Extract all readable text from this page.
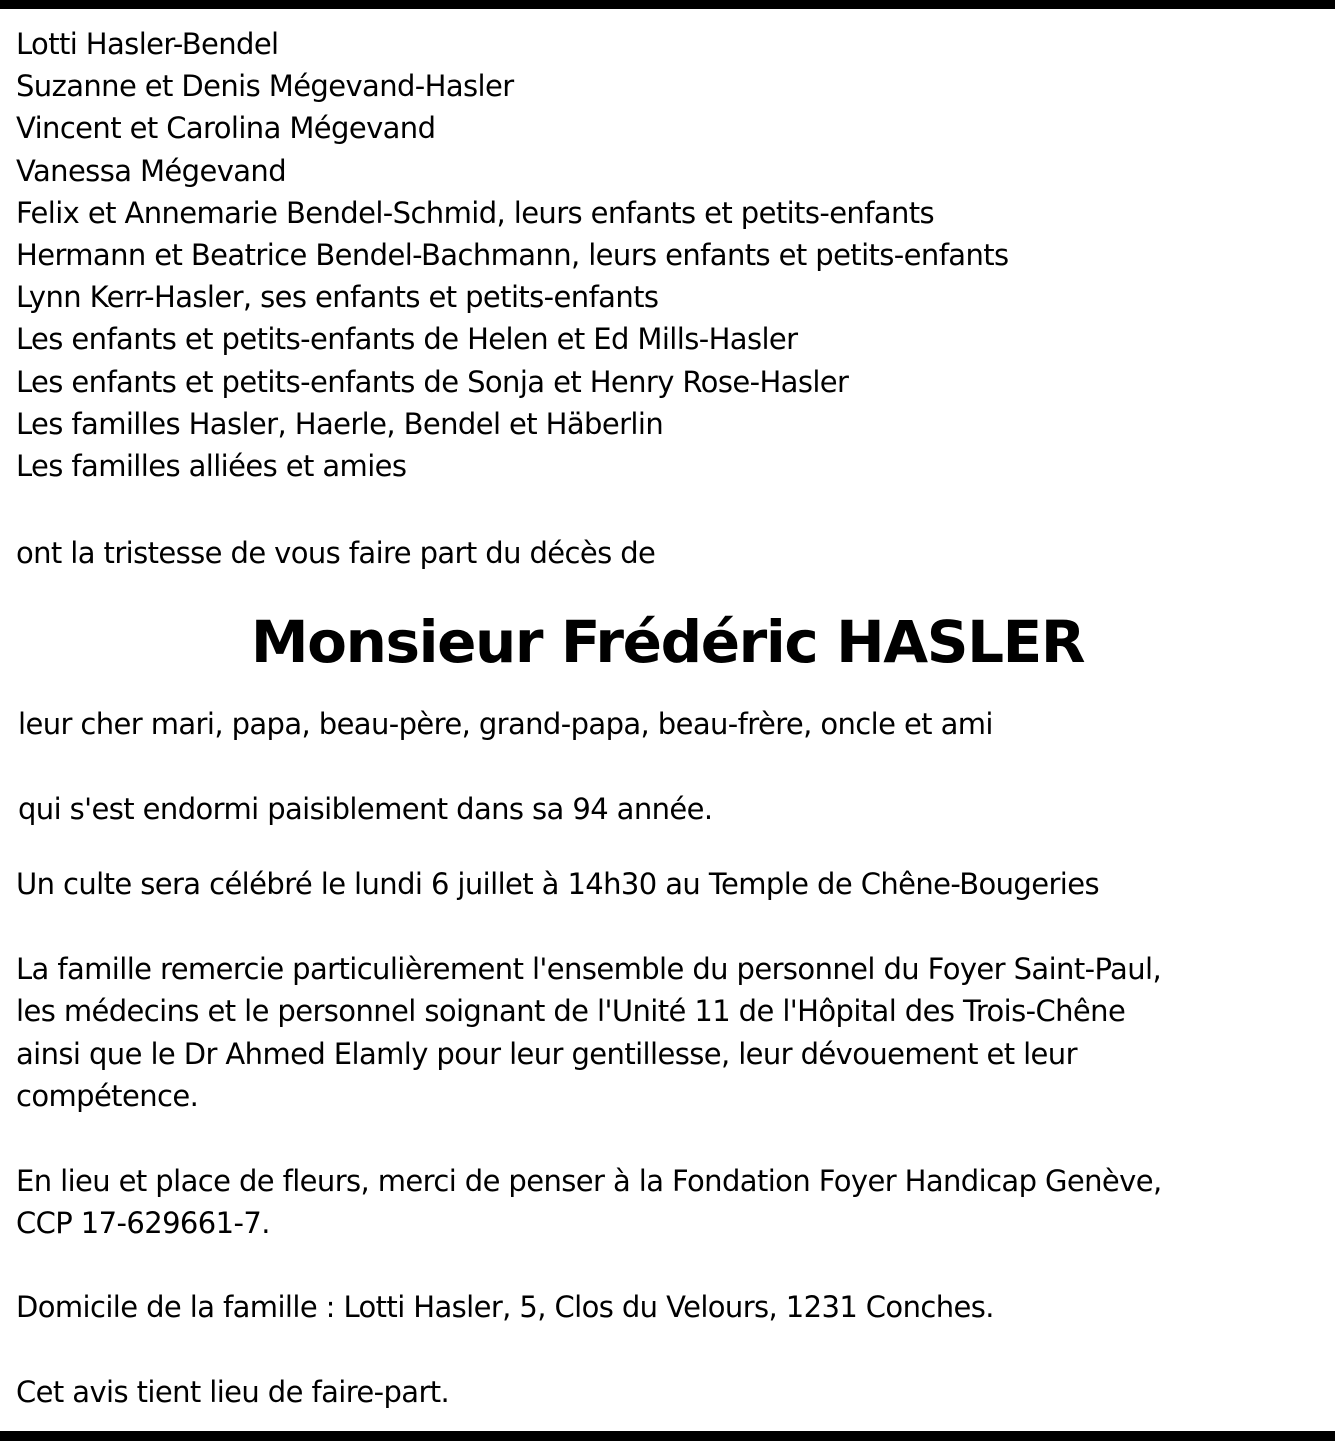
Lotti Hasler-Bendel
Suzanne et Denis Mégevand-Hasler
Vincent et Carolina Mégevand
Vanessa Mégevand
Felix et Annemarie Bendel-Schmid, leurs enfants et petits-enfants
Hermann et Beatrice Bendel-Bachmann, leurs enfants et petits-enfants
Lynn Kerr-Hasler, ses enfants et petits-enfants
Les enfants et petits-enfants de Helen et Ed Mills-Hasler
Les enfants et petits-enfants de Sonja et Henry Rose-Hasler
Les familles Hasler, Haerle, Bendel et Häberlin
Les familles alliées et amies

ont la tristesse de vous faire part du décès de

Monsieur Frédéric HASLER

leur cher mari, papa, beau-père, grand-papa, beau-frère, oncle et ami

qui s'est endormi paisiblement dans sa 94 année.

Un culte sera célébré le lundi 6 juillet à 14h30 au Temple de Chêne-Bougeries

La famille remercie particulièrement l'ensemble du personnel du Foyer Saint-Paul,
les médecins et le personnel soignant de l'Unité 11 de l'Hôpital des Trois-Chêne
ainsi que le Dr Ahmed Elamly pour leur gentillesse, leur dévouement et leur
compétence.
En lieu et place de fleurs, merci de penser à la Fondation Foyer Handicap Genève,
CCP 17-629661-7.

Domicile de la famille : Lotti Hasler, 5, Clos du Velours, 1231 Conches.

Cet avis tient lieu de faire-part.
